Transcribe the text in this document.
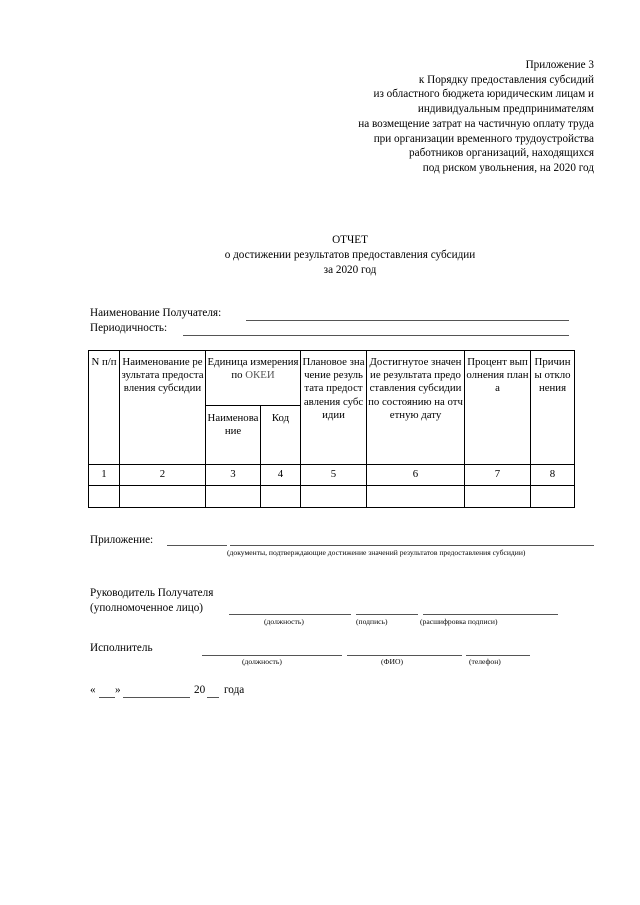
Приложение 3
к Порядку предоставления субсидий
из областного бюджета юридическим лицам и
индивидуальным предпринимателям
на возмещение затрат на частичную оплату труда
при организации временного трудоустройства
работников организаций, находящихся
под риском увольнения, на 2020 год
ОТЧЕТ
о достижении результатов предоставления субсидии
за 2020 год
Наименование Получателя:
Периодичность:
N п/п	Наименование результата предоставления субсидии	Единица измерения по ОКЕИ		Плановое значение результата предоставления субсидии	Достигнутое значение результата предоставления субсидии по состоянию на отчетную дату	Процент выполнения плана	Причины отклонения
		Наименование	Код				
1	2	3	4	5	6	7	8

Приложение:
(документы, подтверждающие достижение значений результатов предоставления субсидии)
Руководитель Получателя
(уполномоченное лицо)
(должность)	(подпись)	(расшифровка подписи)
Исполнитель
(должность)	(ФИО)	(телефон)
« »	20 года
